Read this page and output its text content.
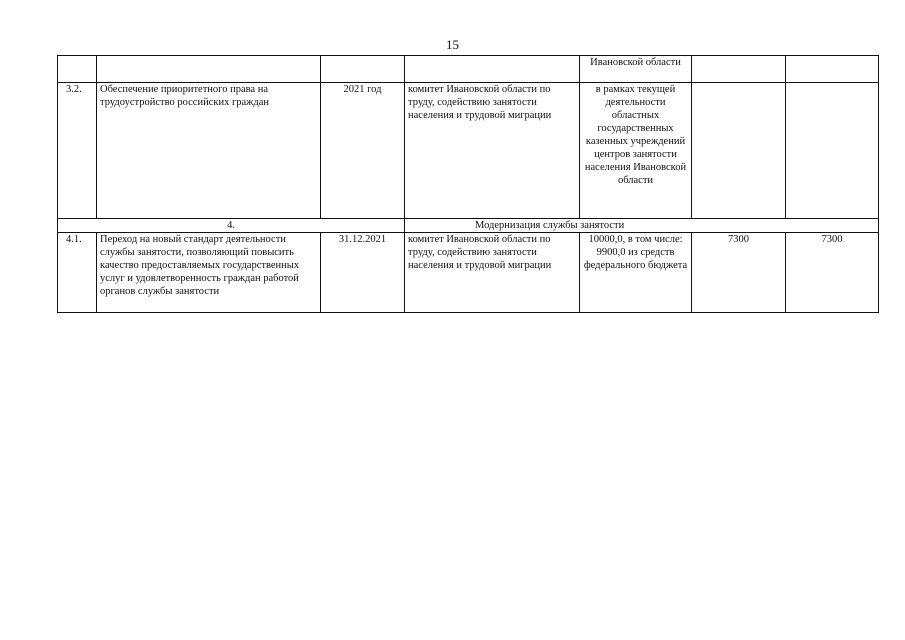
15
				Ивановской области		
3.2.	Обеспечение приоритетного права на трудоустройство российских граждан	2021 год	комитет Ивановской области по труду, содействию занятости населения и трудовой миграции	в рамках текущей деятельности областных государственных казенных учреждений центров занятости населения Ивановской области		
4.			Модернизация службы занятости			
4.1.	Переход на новый стандарт деятельности службы занятости, позволяющий повысить качество предоставляемых государственных услуг и удовлетворенность граждан работой органов службы занятости	31.12.2021	комитет Ивановской области по труду, содействию занятости населения и трудовой миграции	10000,0, в том числе: 9900,0 из средств федерального бюджета	7300	7300
